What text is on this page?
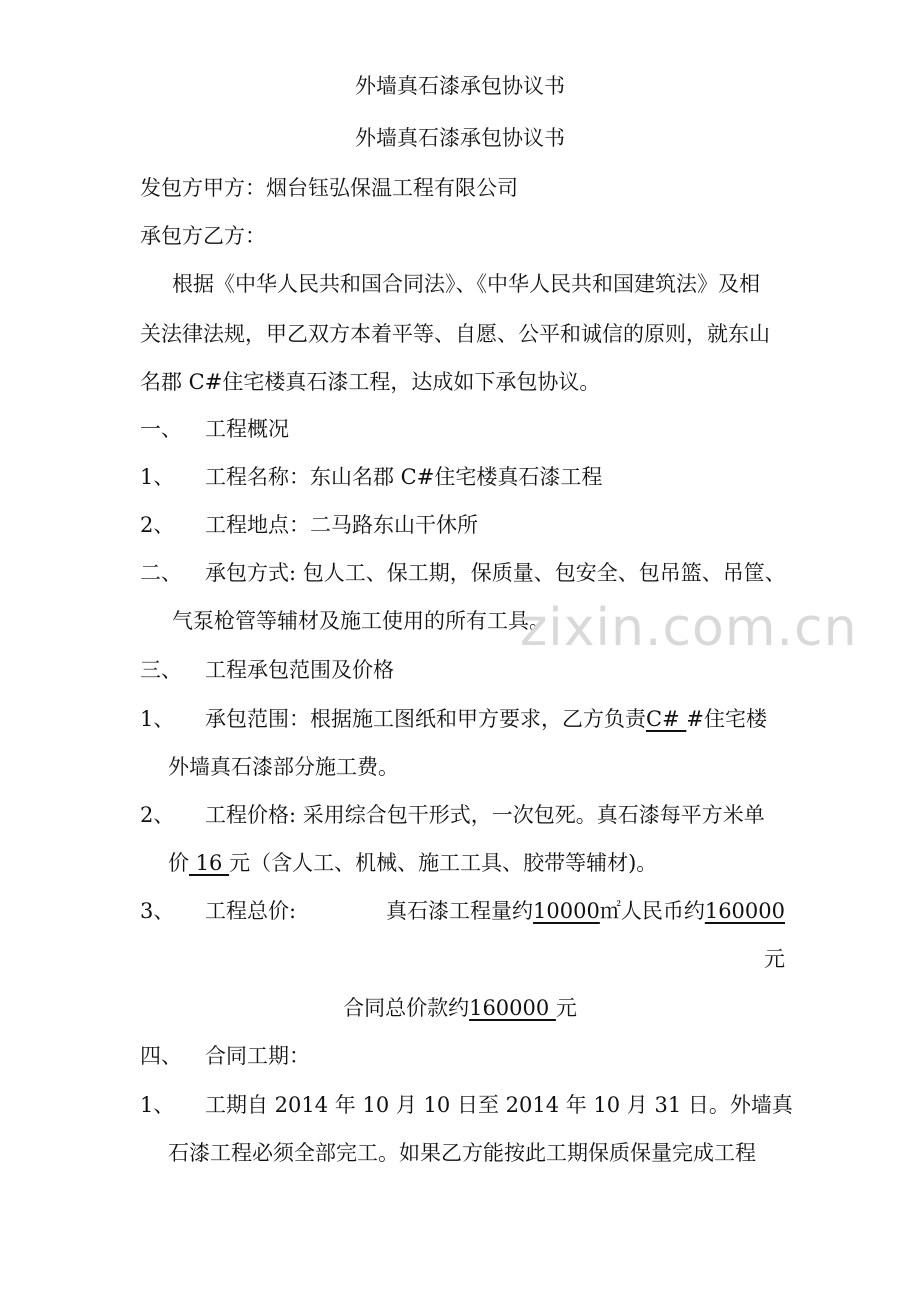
外墙真石漆承包协议书
外墙真石漆承包协议书
发包方甲方：烟台钰弘保温工程有限公司
承包方乙方：
根据《中华人民共和国合同法》、《中华人民共和国建筑法》及相
关法律法规，甲乙双方本着平等、自愿、公平和诚信的原则，就东山
名郡 C#住宅楼真石漆工程，达成如下承包协议。
一、 工程概况
1、 工程名称：东山名郡 C#住宅楼真石漆工程
2、 工程地点：二马路东山干休所
二、 承包方式: 包人工、保工期，保质量、包安全、包吊篮、吊筐、
气泵枪管等辅材及施工使用的所有工具。
zixin.com.cn
三、 工程承包范围及价格
1、 承包范围：根据施工图纸和甲方要求，乙方负责C# #住宅楼
外墙真石漆部分施工费。
2、 工程价格: 采用综合包干形式，一次包死。真石漆每平方米单
价 16 元（含人工、机械、施工工具、胶带等辅材)。
3、 工程总价:	真石漆工程量约10000㎡人民币约160000
元
合同总价款约160000 元
四、 合同工期：
1、 工期自 2014 年 10 月 10 日至 2014 年 10 月 31 日。外墙真
石漆工程必须全部完工。如果乙方能按此工期保质保量完成工程
